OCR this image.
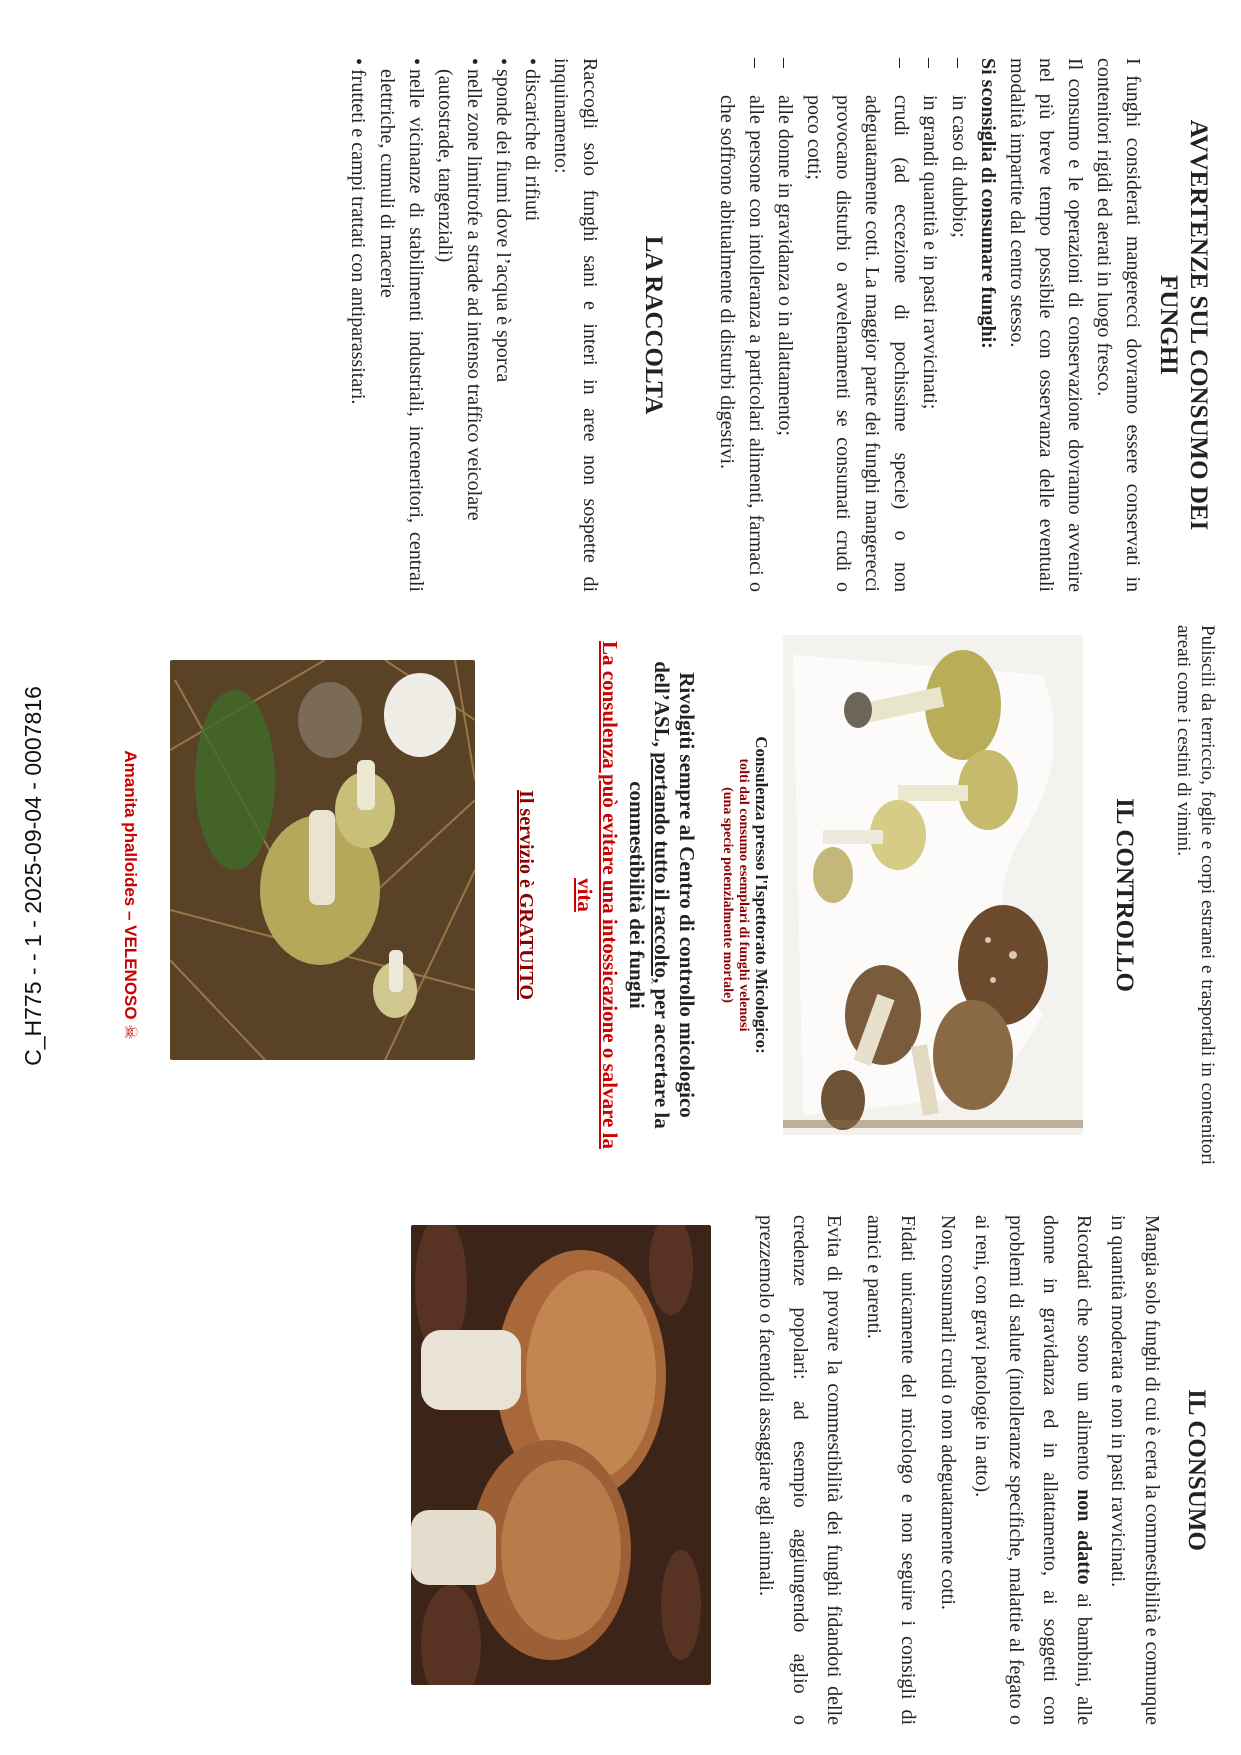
AVVERTENZE SUL CONSUMO DEI FUNGHI

I funghi considerati mangerecci dovranno essere conservati in contenitori rigidi ed aerati in luogo fresco.

Il consumo e le operazioni di conservazione dovranno avvenire nel più breve tempo possibile con osservanza delle eventuali modalità impartite dal centro stesso.

Si sconsiglia di consumare funghi:

– in caso di dubbio;
– in grandi quantità e in pasti ravvicinati;
– crudi (ad eccezione di pochissime specie) o non adeguatamente cotti. La maggior parte dei funghi mangerecci provocano disturbi o avvelenamenti se consumati crudi o poco cotti;
– alle donne in gravidanza o in allattamento;
– alle persone con intolleranza a particolari alimenti, farmaci o che soffrono abitualmente di disturbi digestivi.
LA RACCOLTA

Raccogli solo funghi sani e interi in aree non sospette di inquinamento:

• discariche di rifiuti
• sponde dei fiumi dove l’acqua è sporca
• nelle zone limitrofe a strade ad intenso traffico veicolare (autostrade, tangenziali)
• nelle vicinanze di stabilimenti industriali, inceneritori, centrali elettriche, cumuli di macerie
• frutteti e campi trattati con antiparassitari.

Puliscili da terriccio, foglie e corpi estranei e trasportali in contenitori areati come i cestini di vimini.

IL CONTROLLO
Consulenza presso l'Ispettorato Micologico:
tolti dal consumo esemplari di funghi velenosi
(una specie potenzialmente mortale)

Rivolgiti sempre al Centro di controllo micologico dell’ASL, portando tutto il raccolto, per accertare la commestibilità dei funghi

La consulenza può evitare una intossicazione o salvare la vita

Il servizio è GRATUITO

Amanita phalloides – VELENOSO ☠
IL CONSUMO

Mangia solo funghi di cui è certa la commestibilità e comunque in quantità moderata e non in pasti ravvicinati.

Ricordati che sono un alimento non adatto ai bambini, alle donne in gravidanza ed in allattamento, ai soggetti con problemi di salute (intolleranze specifiche, malattie al fegato o ai reni, con gravi patologie in atto).

Non consumarli crudi o non adeguatamente cotti.

Fidati unicamente del micologo e non seguire i consigli di amici e parenti.

Evita di provare la commestibilità dei funghi fidandoti delle credenze popolari: ad esempio aggiungendo aglio o prezzemolo o facendoli assaggiare agli animali.

C_H775 - - 1 - 2025-09-04 - 0007816
